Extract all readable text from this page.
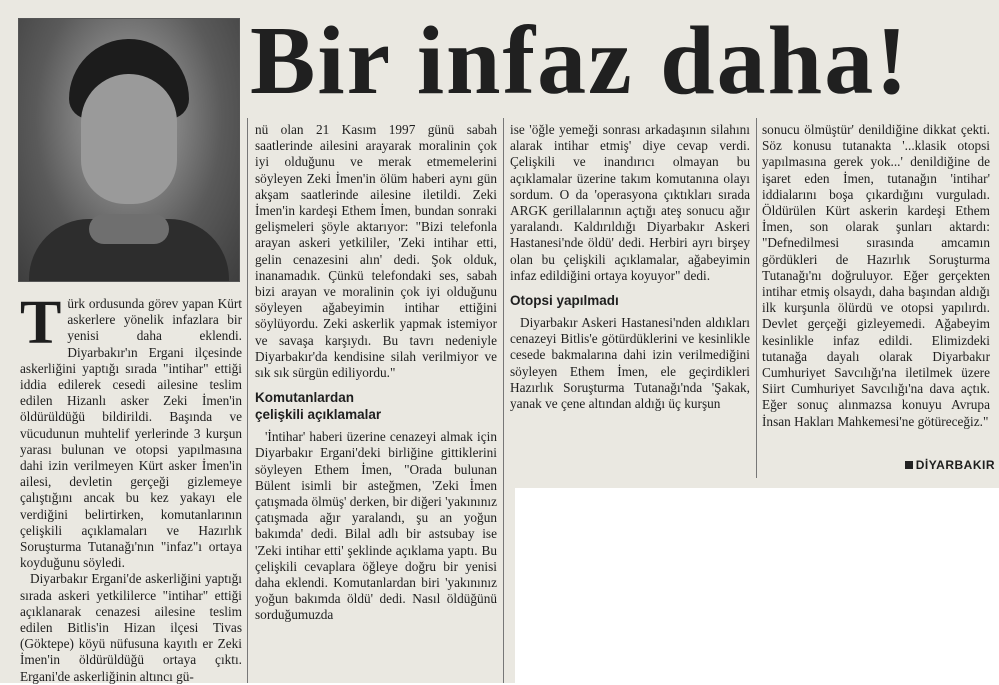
Bir infaz daha!

Türk ordusunda görev yapan Kürt askerlere yönelik infazlara bir yenisi daha eklendi. Diyarbakır'ın Ergani ilçesinde askerliğini yaptığı sırada "intihar" ettiği iddia edilerek cesedi ailesine teslim edilen Hizanlı asker Zeki İmen'in öldürüldüğü bildirildi. Başında ve vücudunun muhtelif yerlerinde 3 kurşun yarası bulunan ve otopsi yapılmasına dahi izin verilmeyen Kürt asker İmen'in ailesi, devletin gerçeği gizlemeye çalıştığını ancak bu kez yakayı ele verdiğini belirtirken, komutanlarının çelişkili açıklamaları ve Hazırlık Soruşturma Tutanağı'nın "infaz"ı ortaya koyduğunu söyledi.

Diyarbakır Ergani'de askerliğini yaptığı sırada askeri yetkililerce "intihar" ettiği açıklanarak cenazesi ailesine teslim edilen Bitlis'in Hizan ilçesi Tivas (Göktepe) köyü nüfusuna kayıtlı er Zeki İmen'in öldürüldüğü ortaya çıktı. Ergani'de askerliğinin altıncı gü-

nü olan 21 Kasım 1997 günü sabah saatlerinde ailesini arayarak moralinin çok iyi olduğunu ve merak etmemelerini söyleyen Zeki İmen'in ölüm haberi aynı gün akşam saatlerinde ailesine iletildi. Zeki İmen'in kardeşi Ethem İmen, bundan sonraki gelişmeleri şöyle aktarıyor: "Bizi telefonla arayan askeri yetkililer, 'Zeki intihar etti, gelin cenazesini alın' dedi. Şok olduk, inanamadık. Çünkü telefondaki ses, sabah bizi arayan ve moralinin çok iyi olduğunu söyleyen ağabeyimin intihar ettiğini söylüyordu. Zeki askerlik yapmak istemiyor ve savaşa karşıydı. Bu tavrı nedeniyle Diyarbakır'da kendisine silah verilmiyor ve sık sık sürgün ediliyordu."

Komutanlardan
çelişkili açıklamalar

'İntihar' haberi üzerine cenazeyi almak için Diyarbakır Ergani'deki birliğine gittiklerini söyleyen Ethem İmen, "Orada bulunan Bülent isimli bir asteğmen, 'Zeki İmen çatışmada ölmüş' derken, bir diğeri 'yakınınız çatışmada ağır yaralandı, şu an yoğun bakımda' dedi. Bilal adlı bir astsubay ise 'Zeki intihar etti' şeklinde açıklama yaptı. Bu çelişkili cevaplara öğleye doğru bir yenisi daha eklendi. Komutanlardan biri 'yakınınız yoğun bakımda öldü' dedi. Nasıl öldüğünü sorduğumuzda

ise 'öğle yemeği sonrası arkadaşının silahını alarak intihar etmiş' diye cevap verdi. Çelişkili ve inandırıcı olmayan bu açıklamalar üzerine takım komutanına olayı sordum. O da 'operasyona çıktıkları sırada ARGK gerillalarının açtığı ateş sonucu ağır yaralandı. Kaldırıldığı Diyarbakır Askeri Hastanesi'nde öldü' dedi. Herbiri ayrı birşey olan bu çelişkili açıklamalar, ağabeyimin infaz edildiğini ortaya koyuyor" dedi.

Otopsi yapılmadı

Diyarbakır Askeri Hastanesi'nden aldıkları cenazeyi Bitlis'e götürdüklerini ve kesinlikle cesede bakmalarına dahi izin verilmediğini söyleyen Ethem İmen, ele geçirdikleri Hazırlık Soruşturma Tutanağı'nda 'Şakak, yanak ve çene altından aldığı üç kurşun

sonucu ölmüştür' denildiğine dikkat çekti. Söz konusu tutanakta '...klasik otopsi yapılmasına gerek yok...' denildiğine de işaret eden İmen, tutanağın 'intihar' iddialarını boşa çıkardığını vurguladı. Öldürülen Kürt askerin kardeşi Ethem İmen, son olarak şunları aktardı: "Defnedilmesi sırasında amcamın gördükleri de Hazırlık Soruşturma Tutanağı'nı doğruluyor. Eğer gerçekten intihar etmiş olsaydı, daha başından aldığı ilk kurşunla ölürdü ve otopsi yapılırdı. Devlet gerçeği gizleyemedi. Ağabeyim kesinlikle infaz edildi. Elimizdeki tutanağa dayalı olarak Diyarbakır Cumhuriyet Savcılığı'na iletilmek üzere Siirt Cumhuriyet Savcılığı'na dava açtık. Eğer sonuç alınmazsa konuyu Avrupa İnsan Hakları Mahkemesi'ne götüreceğiz."

DİYARBAKIR
